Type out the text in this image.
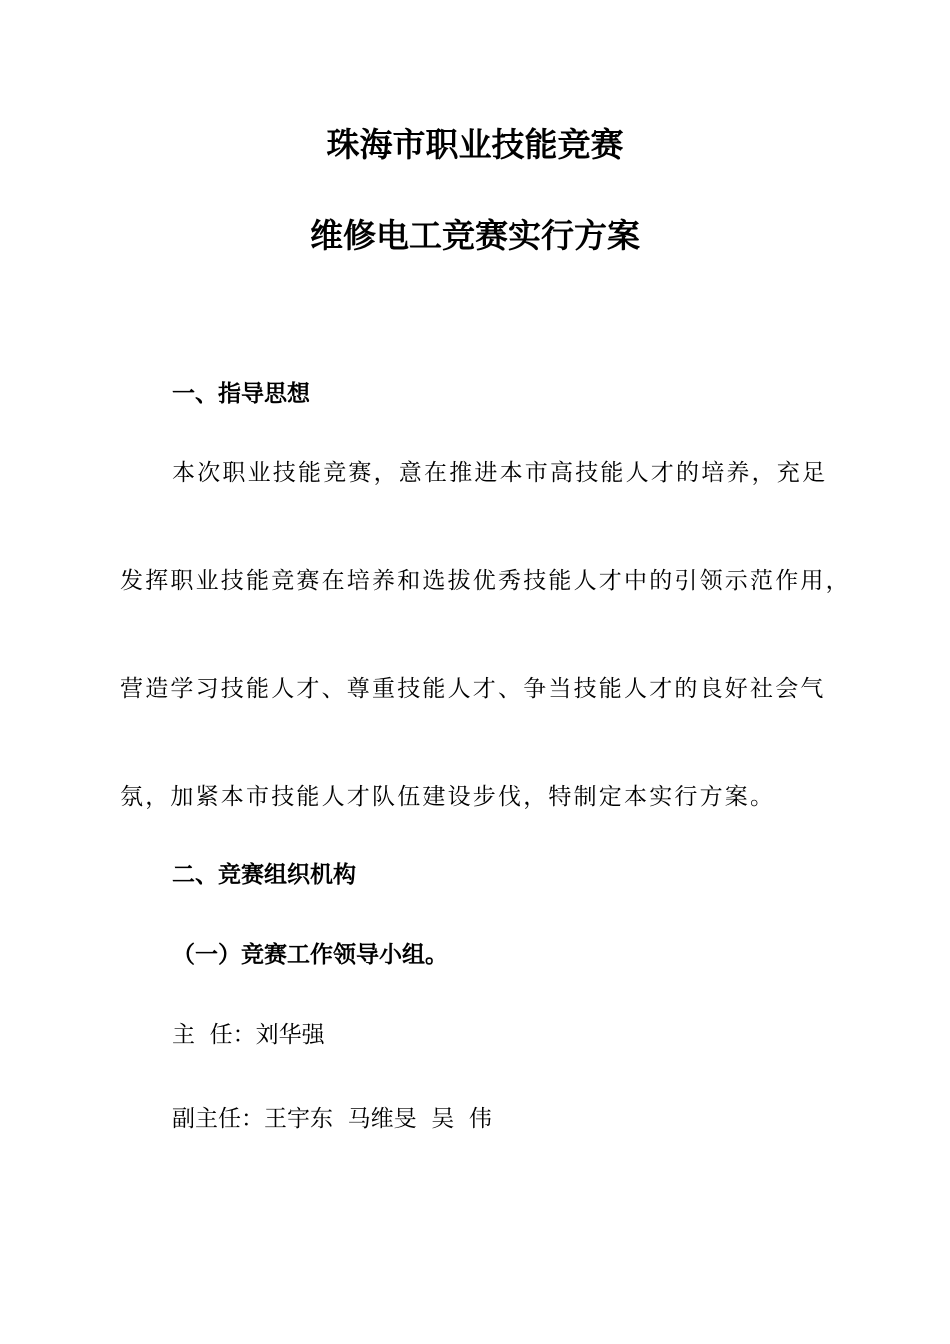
珠海市职业技能竞赛
维修电工竞赛实行方案
一、指导思想
本次职业技能竞赛，意在推进本市高技能人才的培养，充足
发挥职业技能竞赛在培养和选拔优秀技能人才中的引领示范作用，
营造学习技能人才、尊重技能人才、争当技能人才的良好社会气
氛，加紧本市技能人才队伍建设步伐，特制定本实行方案。
二、竞赛组织机构
（一）竞赛工作领导小组。
主  任：刘华强
副主任：王宇东  马维旻  吴  伟
